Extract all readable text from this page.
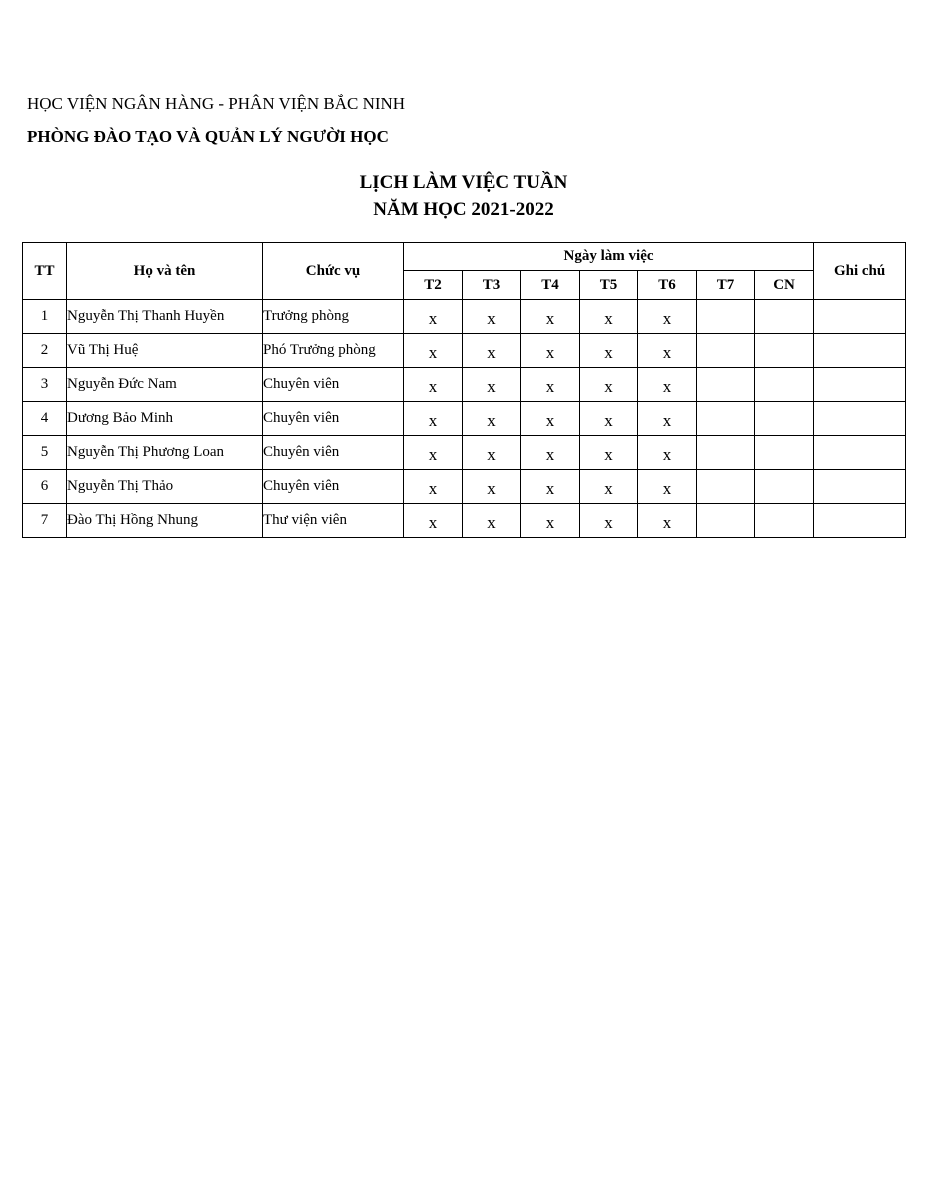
HỌC VIỆN NGÂN HÀNG - PHÂN VIỆN BẮC NINH
PHÒNG ĐÀO TẠO VÀ QUẢN LÝ NGƯỜI HỌC
LỊCH LÀM VIỆC TUẦN
NĂM HỌC 2021-2022
TT	Họ và tên	Chức vụ	Ngày làm việc							Ghi chú
			T2	T3	T4	T5	T6	T7	CN	
1	Nguyễn Thị Thanh Huyền	Trưởng phòng	x	x	x	x	x			
2	Vũ Thị Huệ	Phó Trưởng phòng	x	x	x	x	x			
3	Nguyễn Đức Nam	Chuyên viên	x	x	x	x	x			
4	Dương Bảo Minh	Chuyên viên	x	x	x	x	x			
5	Nguyễn Thị Phương Loan	Chuyên viên	x	x	x	x	x			
6	Nguyễn Thị Thảo	Chuyên viên	x	x	x	x	x			
7	Đào Thị Hồng Nhung	Thư viện viên	x	x	x	x	x			
